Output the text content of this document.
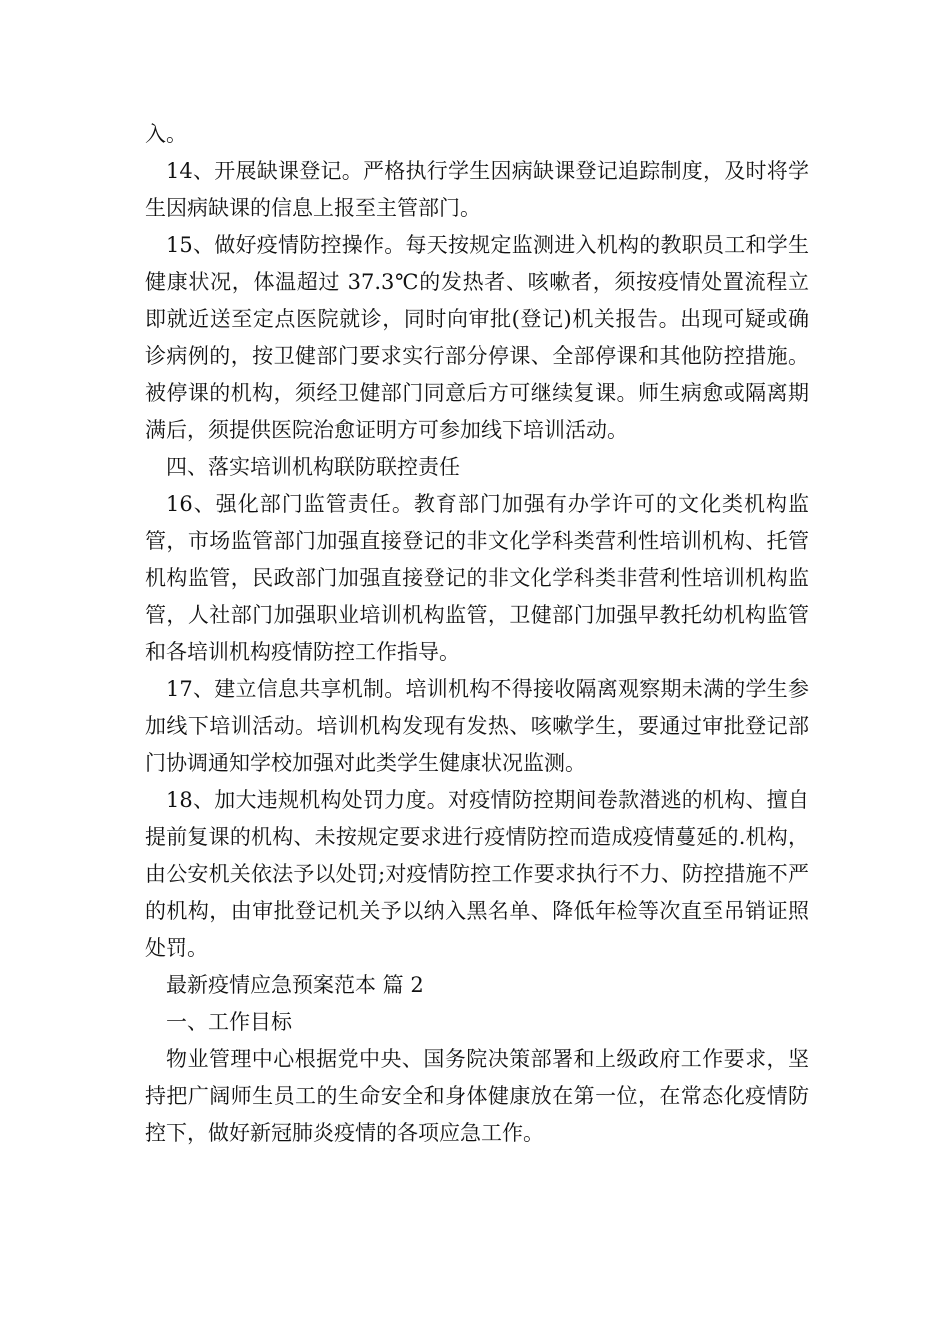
入。

14、开展缺课登记。严格执行学生因病缺课登记追踪制度，及时将学生因病缺课的信息上报至主管部门。

15、做好疫情防控操作。每天按规定监测进入机构的教职员工和学生健康状况，体温超过 37.3℃的发热者、咳嗽者，须按疫情处置流程立即就近送至定点医院就诊，同时向审批(登记)机关报告。出现可疑或确诊病例的，按卫健部门要求实行部分停课、全部停课和其他防控措施。被停课的机构，须经卫健部门同意后方可继续复课。师生病愈或隔离期满后，须提供医院治愈证明方可参加线下培训活动。

四、落实培训机构联防联控责任

16、强化部门监管责任。教育部门加强有办学许可的文化类机构监管，市场监管部门加强直接登记的非文化学科类营利性培训机构、托管机构监管，民政部门加强直接登记的非文化学科类非营利性培训机构监管，人社部门加强职业培训机构监管，卫健部门加强早教托幼机构监管和各培训机构疫情防控工作指导。

17、建立信息共享机制。培训机构不得接收隔离观察期未满的学生参加线下培训活动。培训机构发现有发热、咳嗽学生，要通过审批登记部门协调通知学校加强对此类学生健康状况监测。

18、加大违规机构处罚力度。对疫情防控期间卷款潜逃的机构、擅自提前复课的机构、未按规定要求进行疫情防控而造成疫情蔓延的.机构，由公安机关依法予以处罚;对疫情防控工作要求执行不力、防控措施不严的机构，由审批登记机关予以纳入黑名单、降低年检等次直至吊销证照处罚。

最新疫情应急预案范本 篇 2

一、工作目标

物业管理中心根据党中央、国务院决策部署和上级政府工作要求，坚持把广阔师生员工的生命安全和身体健康放在第一位，在常态化疫情防控下，做好新冠肺炎疫情的各项应急工作。
